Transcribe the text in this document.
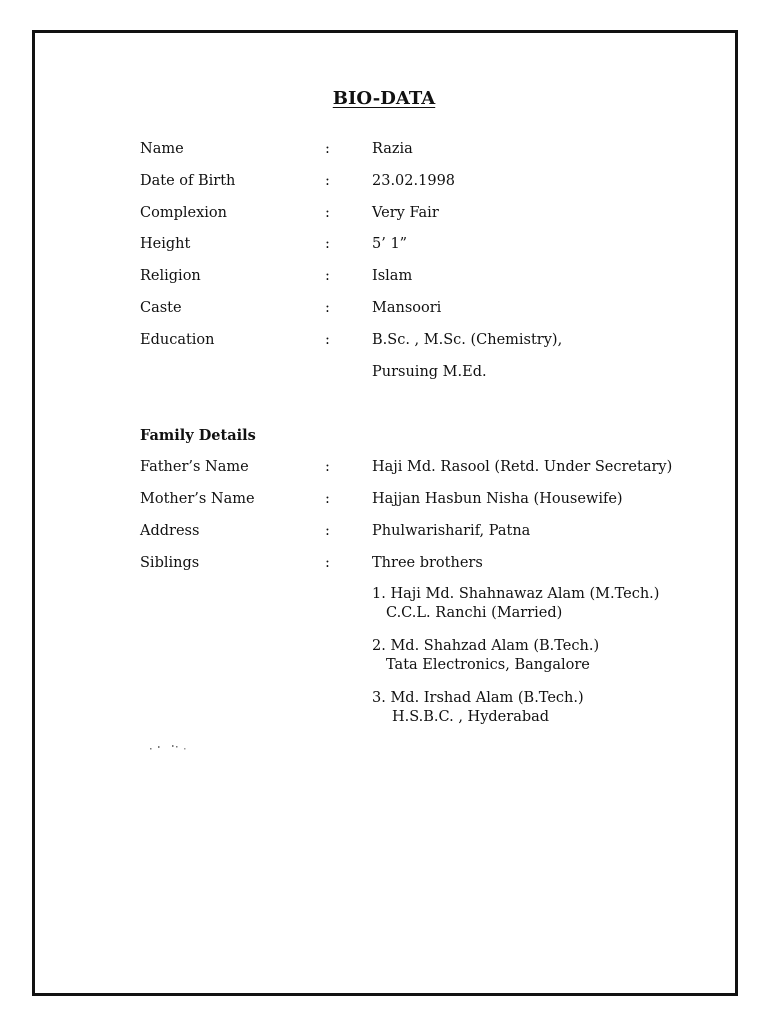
BIO-DATA
Name	:	Razia
Date of Birth	:	23.02.1998
Complexion	:	Very Fair
Height	:	5’ 1”
Religion	:	Islam
Caste	:	Mansoori
Education	:	B.Sc. , M.Sc. (Chemistry),
Pursuing M.Ed.
Family Details
Father’s Name	:	Haji Md. Rasool (Retd. Under Secretary)
Mother’s Name	:	Hajjan Hasbun Nisha (Housewife)
Address	:	Phulwarisharif, Patna
Siblings	:	Three brothers
1. Haji Md. Shahnawaz Alam (M.Tech.)
C.C.L. Ranchi (Married)
2. Md. Shahzad Alam (B.Tech.)
Tata Electronics, Bangalore
3. Md. Irshad Alam (B.Tech.)
H.S.B.C. , Hyderabad
